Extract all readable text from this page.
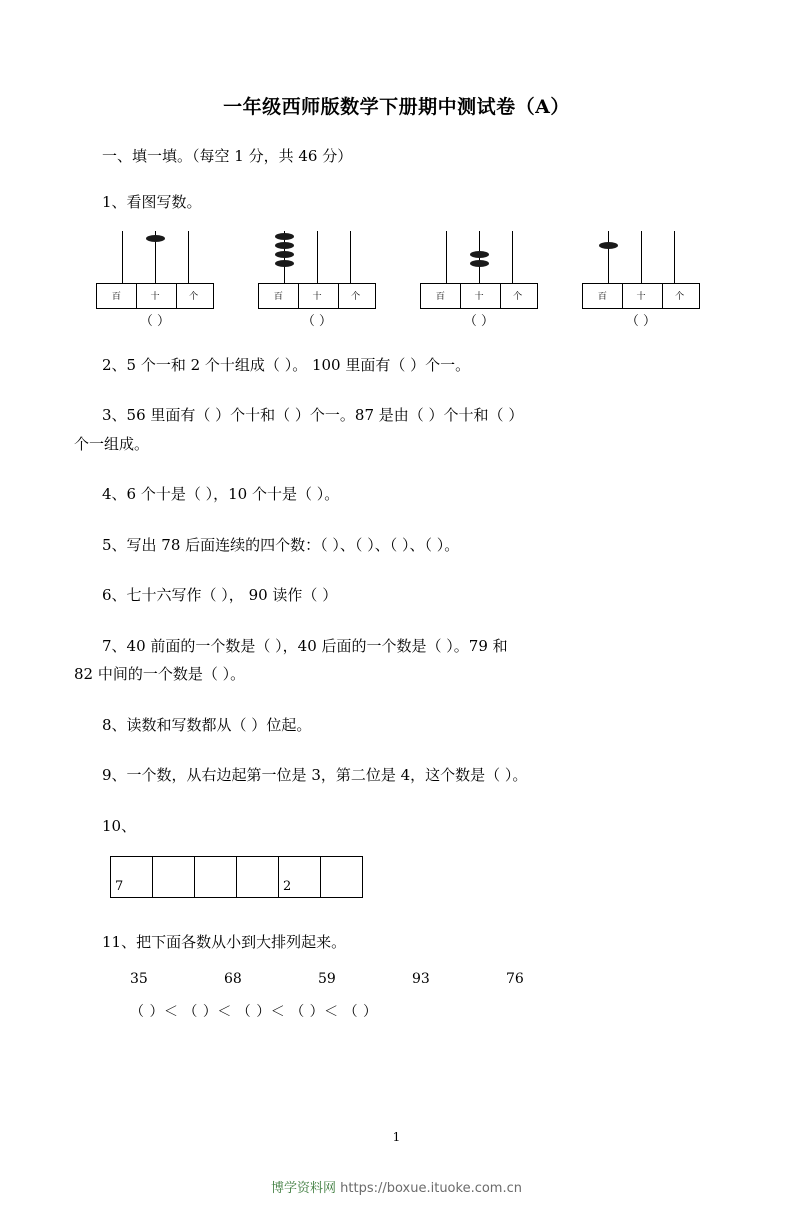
一年级西师版数学下册期中测试卷（A）
一、填一填。（每空 1 分，共 46 分）
1、看图写数。
百	十	个
（ ）
百	十	个
（ ）
百	十	个
（ ）
百	十	个
（ ）
2、5 个一和 2 个十组成（ ）。 100 里面有（ ）个一。
3、56 里面有（ ）个十和（ ）个一。87 是由（ ）个十和（ ）
个一组成。
4、6 个十是（ ），10 个十是（ ）。
5、写出 78 后面连续的四个数：（ ）、（ ）、（ ）、（ ）。
6、七十六写作（ ）， 90 读作（ ）
7、40 前面的一个数是（ ），40 后面的一个数是（ ）。79 和
82 中间的一个数是（ ）。
8、读数和写数都从（ ）位起。
9、一个数，从右边起第一位是 3，第二位是 4，这个数是（ ）。
10、
7				2	
11、把下面各数从小到大排列起来。
35	68	59	93	76
（ ）＜ （ ）＜ （ ）＜ （ ）＜ （ ）
1
博学资料网 https://boxue.ituoke.com.cn
